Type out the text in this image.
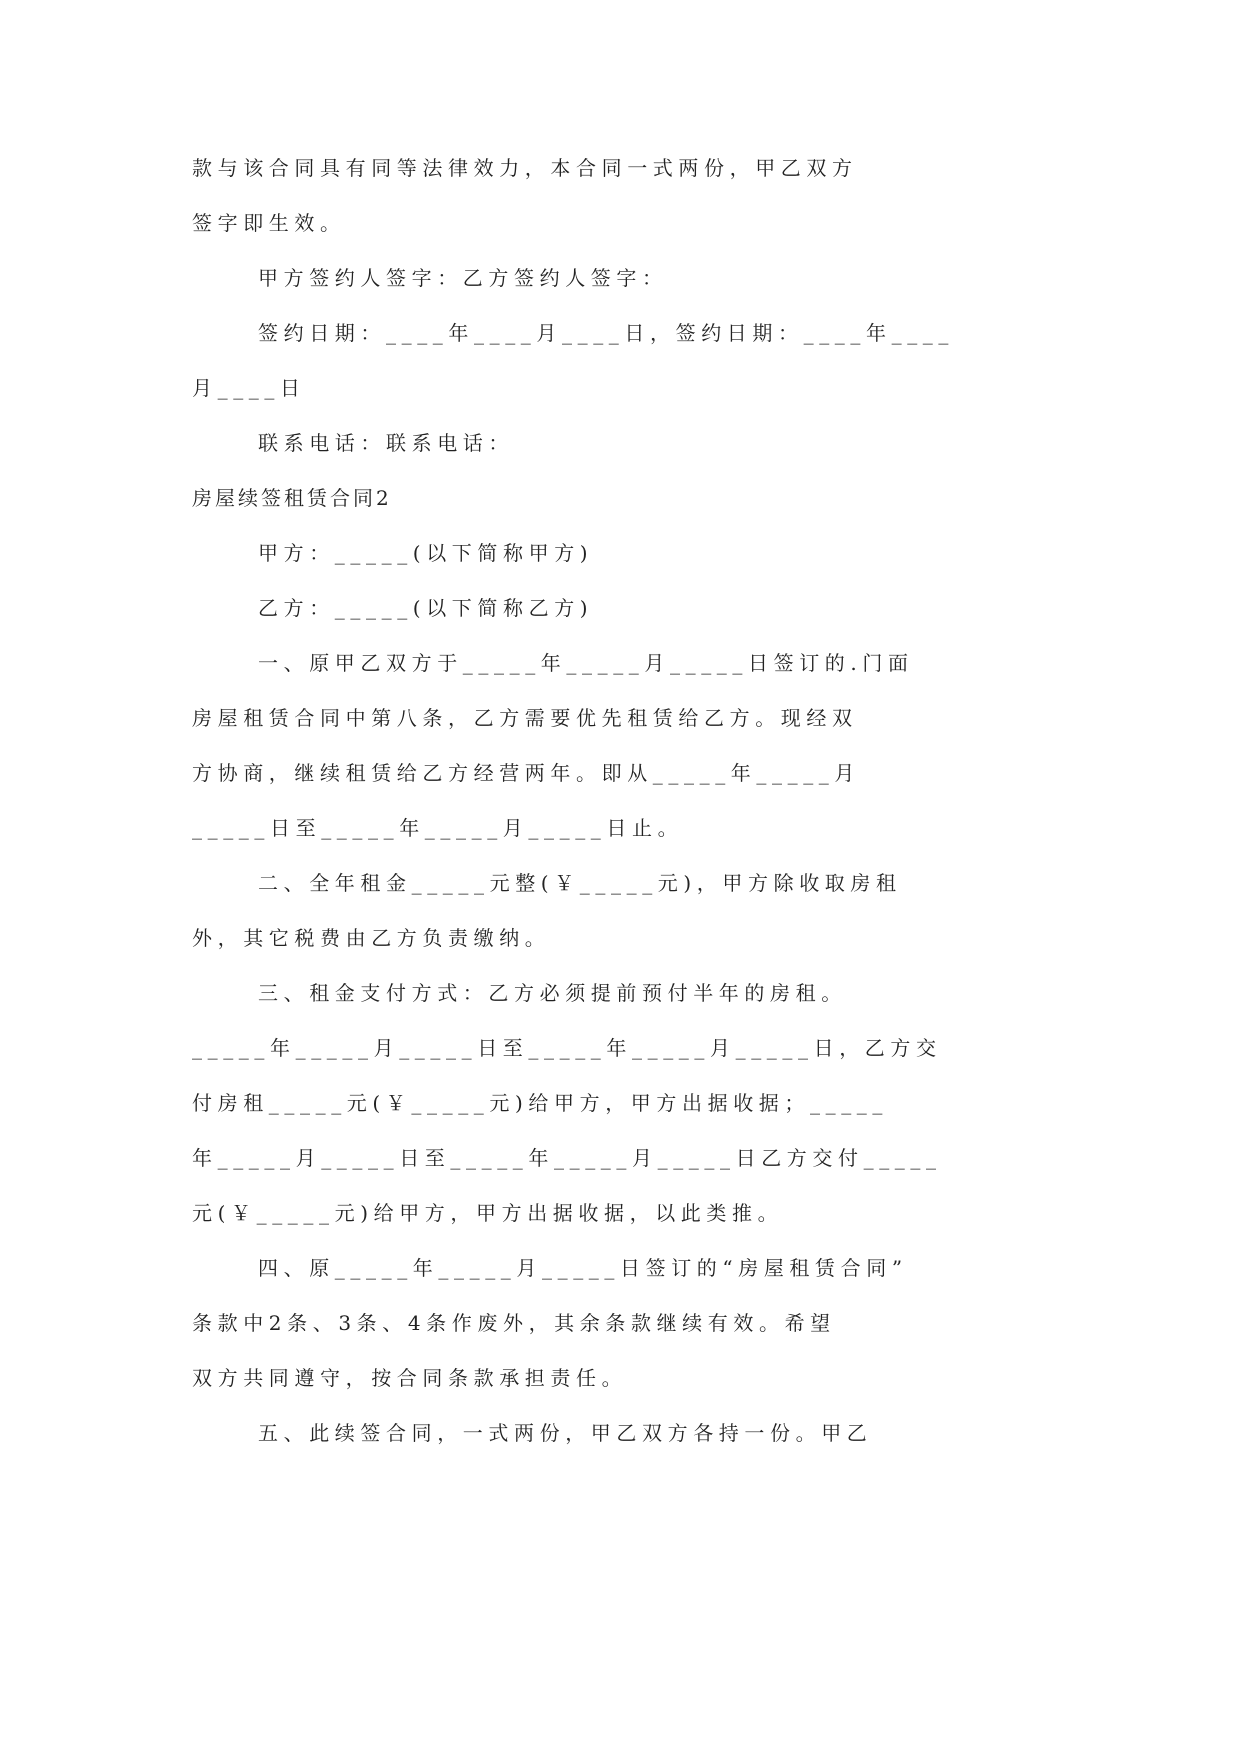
款与该合同具有同等法律效力，本合同一式两份，甲乙双方
签字即生效。
甲方签约人签字：乙方签约人签字：
签约日期：____年____月____日，签约日期：____年____
月____日
联系电话：联系电话：
房屋续签租赁合同2
甲方：_____(以下简称甲方)
乙方：_____(以下简称乙方)
一、原甲乙双方于_____年_____月_____日签订的.门面
房屋租赁合同中第八条，乙方需要优先租赁给乙方。现经双
方协商，继续租赁给乙方经营两年。即从_____年_____月
_____日至_____年_____月_____日止。
二、全年租金_____元整(￥_____元)，甲方除收取房租
外，其它税费由乙方负责缴纳。
三、租金支付方式：乙方必须提前预付半年的房租。
_____年_____月_____日至_____年_____月_____日，乙方交
付房租_____元(￥_____元)给甲方，甲方出据收据；_____
年_____月_____日至_____年_____月_____日乙方交付_____
元(￥_____元)给甲方，甲方出据收据，以此类推。
四、原_____年_____月_____日签订的“房屋租赁合同”
条款中2条、3条、4条作废外，其余条款继续有效。希望
双方共同遵守，按合同条款承担责任。
五、此续签合同，一式两份，甲乙双方各持一份。甲乙
